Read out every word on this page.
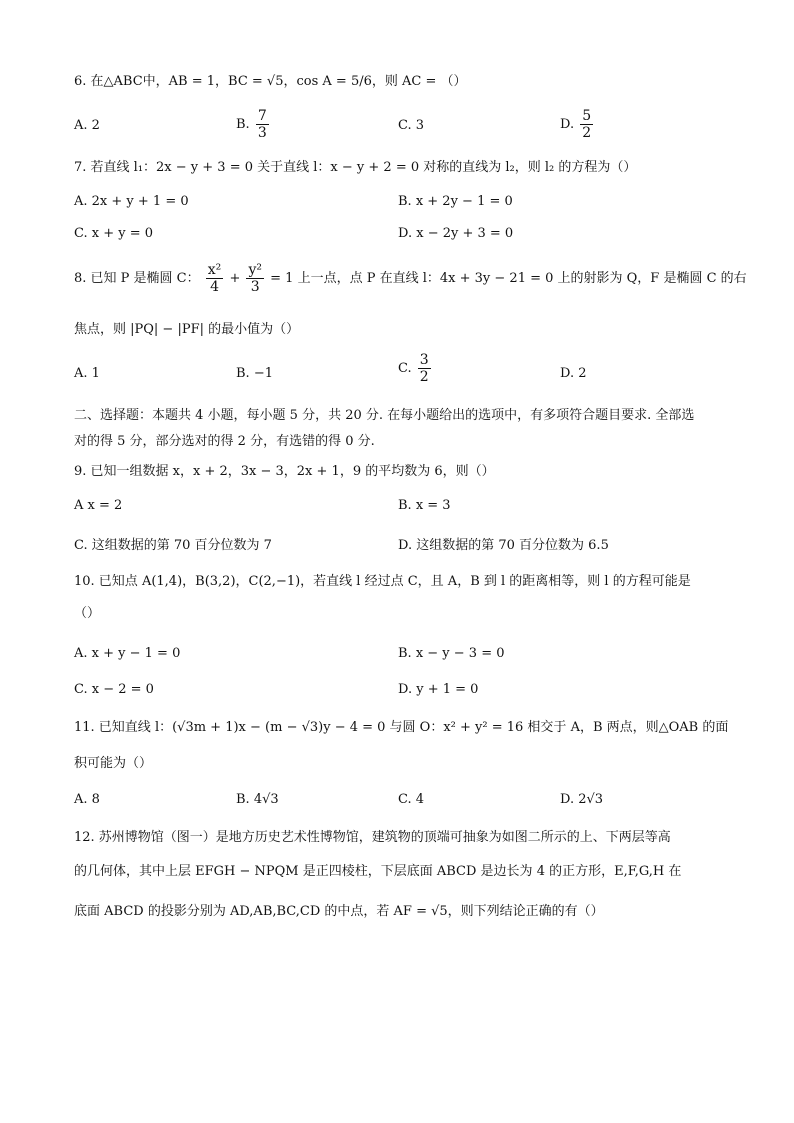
6. 在△ABC中，AB = 1，BC = √5，cos A = 5/6，则 AC = （）
A. 2	B. $\frac{7}{3}$	C. 3	D. $\frac{5}{2}$
7. 若直线 l₁：2x − y + 3 = 0 关于直线 l：x − y + 2 = 0 对称的直线为 l₂，则 l₂ 的方程为（）
A. 2x + y + 1 = 0	B. x + 2y − 1 = 0
C. x + y = 0	D. x − 2y + 3 = 0
8. 已知 P 是椭圆 C： $\frac{\text{x²}}{4} + \frac{\text{y²}}{3} = 1$ 上一点，点 P 在直线 l：4x + 3y − 21 = 0 上的射影为 Q，F 是椭圆 C 的右
焦点，则 |PQ| − |PF| 的最小值为（）
A. 1	B. −1	C. $\frac{3}{2}$	D. 2
二、选择题：本题共 4 小题，每小题 5 分，共 20 分. 在每小题给出的选项中，有多项符合题目要求. 全部选
对的得 5 分，部分选对的得 2 分，有选错的得 0 分.
9. 已知一组数据 x，x + 2，3x − 3，2x + 1，9 的平均数为 6，则（）
A x = 2	B. x = 3
C. 这组数据的第 70 百分位数为 7	D. 这组数据的第 70 百分位数为 6.5
10. 已知点 A(1,4)，B(3,2)，C(2,−1)，若直线 l 经过点 C，且 A，B 到 l 的距离相等，则 l 的方程可能是
（）
A. x + y − 1 = 0	B. x − y − 3 = 0
C. x − 2 = 0	D. y + 1 = 0
11. 已知直线 l：(√3m + 1)x − (m − √3)y − 4 = 0 与圆 O：x² + y² = 16 相交于 A，B 两点，则△OAB 的面
积可能为（）
A. 8	B. 4√3	C. 4	D. 2√3
12. 苏州博物馆（图一）是地方历史艺术性博物馆，建筑物的顶端可抽象为如图二所示的上、下两层等高
的几何体，其中上层 EFGH − NPQM 是正四棱柱，下层底面 ABCD 是边长为 4 的正方形，E,F,G,H 在
底面 ABCD 的投影分别为 AD,AB,BC,CD 的中点，若 AF = √5，则下列结论正确的有（）
